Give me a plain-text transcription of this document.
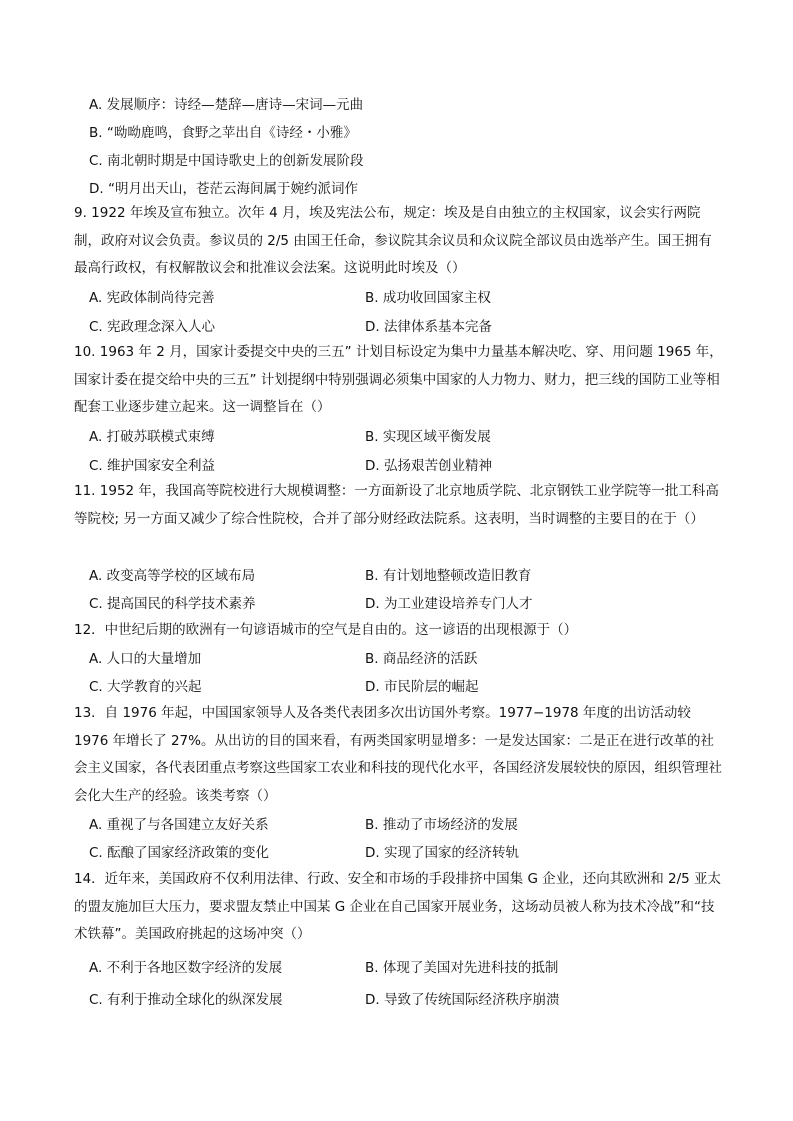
A. 发展顺序：诗经—楚辞—唐诗—宋词—元曲
B. “呦呦鹿鸣，食野之苹出自《诗经・小雅》
C. 南北朝时期是中国诗歌史上的创新发展阶段
D. “明月出天山，苍茫云海间属于婉约派词作
9. 1922 年埃及宣布独立。次年 4 月，埃及宪法公布，规定：埃及是自由独立的主权国家，议会实行两院制，政府对议会负责。参议员的 2/5 由国王任命，参议院其余议员和众议院全部议员由选举产生。国王拥有最高行政权，有权解散议会和批准议会法案。这说明此时埃及（）
A. 宪政体制尚待完善	B. 成功收回国家主权
C. 宪政理念深入人心	D. 法律体系基本完备
10. 1963 年 2 月，国家计委提交中央的三五” 计划目标设定为集中力量基本解决吃、穿、用问题 1965 年，国家计委在提交给中央的三五” 计划提纲中特别强调必须集中国家的人力物力、财力，把三线的国防工业等相配套工业逐步建立起来。这一调整旨在（）
A. 打破苏联模式束缚	B. 实现区域平衡发展
C. 维护国家安全利益	D. 弘扬艰苦创业精神
11. 1952 年，我国高等院校进行大规模调整：一方面新设了北京地质学院、北京钢铁工业学院等一批工科高等院校; 另一方面又减少了综合性院校，合并了部分财经政法院系。这表明，当时调整的主要目的在于（）
A. 改变高等学校的区域布局	B. 有计划地整顿改造旧教育
C. 提高国民的科学技术素养	D. 为工业建设培养专门人才
12．中世纪后期的欧洲有一句谚语城市的空气是自由的。这一谚语的出现根源于（）
A. 人口的大量增加	B. 商品经济的活跃
C. 大学教育的兴起	D. 市民阶层的崛起
13．自 1976 年起，中国国家领导人及各类代表团多次出访国外考察。1977−1978 年度的出访活动较 1976 年增长了 27%。从出访的目的国来看，有两类国家明显增多：一是发达国家：二是正在进行改革的社会主义国家，各代表团重点考察这些国家工农业和科技的现代化水平，各国经济发展较快的原因，组织管理社会化大生产的经验。该类考察（）
A. 重视了与各国建立友好关系	B. 推动了市场经济的发展
C. 酝酿了国家经济政策的变化	D. 实现了国家的经济转轨
14．近年来，美国政府不仅利用法律、行政、安全和市场的手段排挤中国集 G 企业，还向其欧洲和 2/5 亚太的盟友施加巨大压力，要求盟友禁止中国某 G 企业在自己国家开展业务，这场动员被人称为技术冷战”和“技术铁幕”。美国政府挑起的这场冲突（）
A. 不利于各地区数字经济的发展	B. 体现了美国对先进科技的抵制
C. 有利于推动全球化的纵深发展	D. 导致了传统国际经济秩序崩溃
